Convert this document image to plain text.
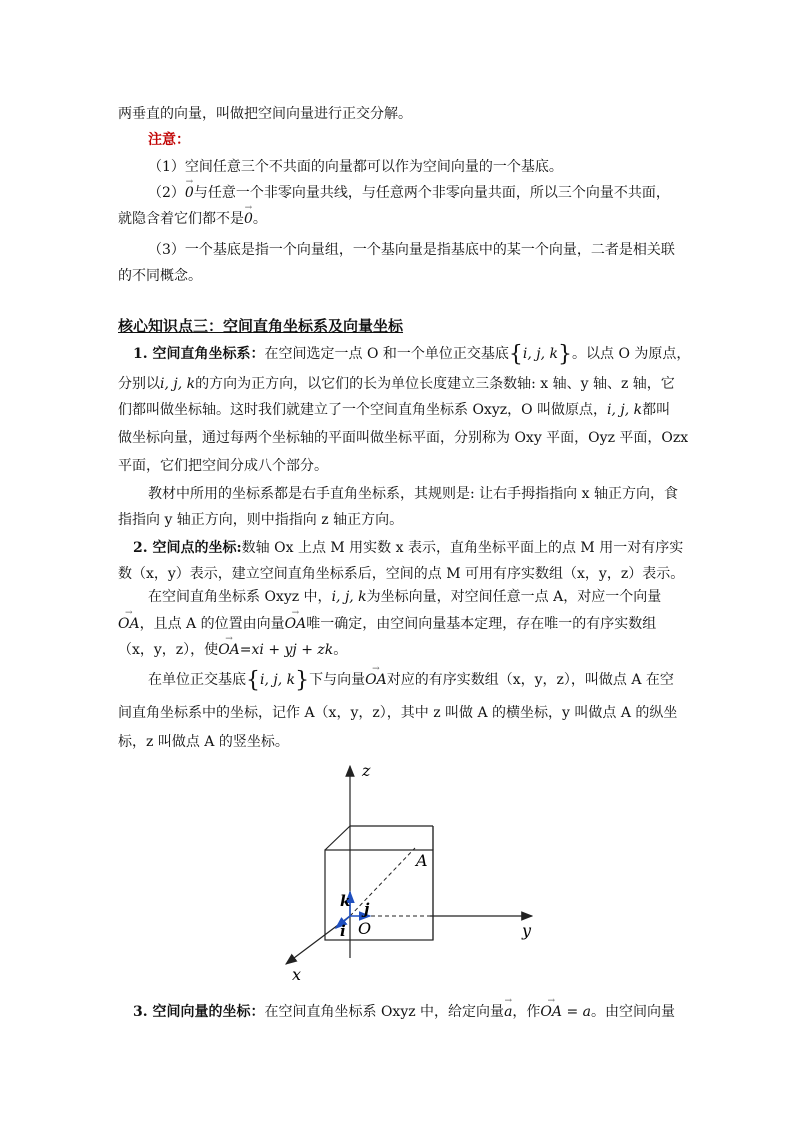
两垂直的向量，叫做把空间向量进行正交分解。
注意：
（1）空间任意三个不共面的向量都可以作为空间向量的一个基底。
（2）→ 0与任意一个非零向量共线，与任意两个非零向量共面，所以三个向量不共面，
就隐含着它们都不是→ 0。
（3）一个基底是指一个向量组，一个基向量是指基底中的某一个向量，二者是相关联
的不同概念。
核心知识点三：空间直角坐标系及向量坐标
1. 空间直角坐标系：在空间选定一点 O 和一个单位正交基底{i, j, k}。以点 O 为原点，
分别以i, j, k的方向为正方向，以它们的长为单位长度建立三条数轴: x 轴、y 轴、z 轴，它
们都叫做坐标轴。这时我们就建立了一个空间直角坐标系 Oxyz，O 叫做原点，i, j, k都叫
做坐标向量，通过每两个坐标轴的平面叫做坐标平面，分别称为 Oxy 平面，Oyz 平面，Ozx
平面，它们把空间分成八个部分。
教材中所用的坐标系都是右手直角坐标系，其规则是: 让右手拇指指向 x 轴正方向，食
指指向 y 轴正方向，则中指指向 z 轴正方向。
2. 空间点的坐标:数轴 Ox 上点 M 用实数 x 表示，直角坐标平面上的点 M 用一对有序实
数（x，y）表示，建立空间直角坐标系后，空间的点 M 可用有序实数组（x，y，z）表示。
在空间直角坐标系 Oxyz 中，i, j, k为坐标向量，对空间任意一点 A，对应一个向量
→ OA，且点 A 的位置由向量→ OA唯一确定，由空间向量基本定理，存在唯一的有序实数组
（x，y，z），使→ OA=xi + yj + zk。
在单位正交基底{i, j, k}下与向量→ OA对应的有序实数组（x，y，z），叫做点 A 在空
间直角坐标系中的坐标，记作 A（x，y，z），其中 z 叫做 A 的横坐标，y 叫做点 A 的纵坐
标，z 叫做点 A 的竖坐标。
z
y
x
A
O
k j
i
3. 空间向量的坐标：在空间直角坐标系 Oxyz 中，给定向量→ a，作→ OA = a。由空间向量
